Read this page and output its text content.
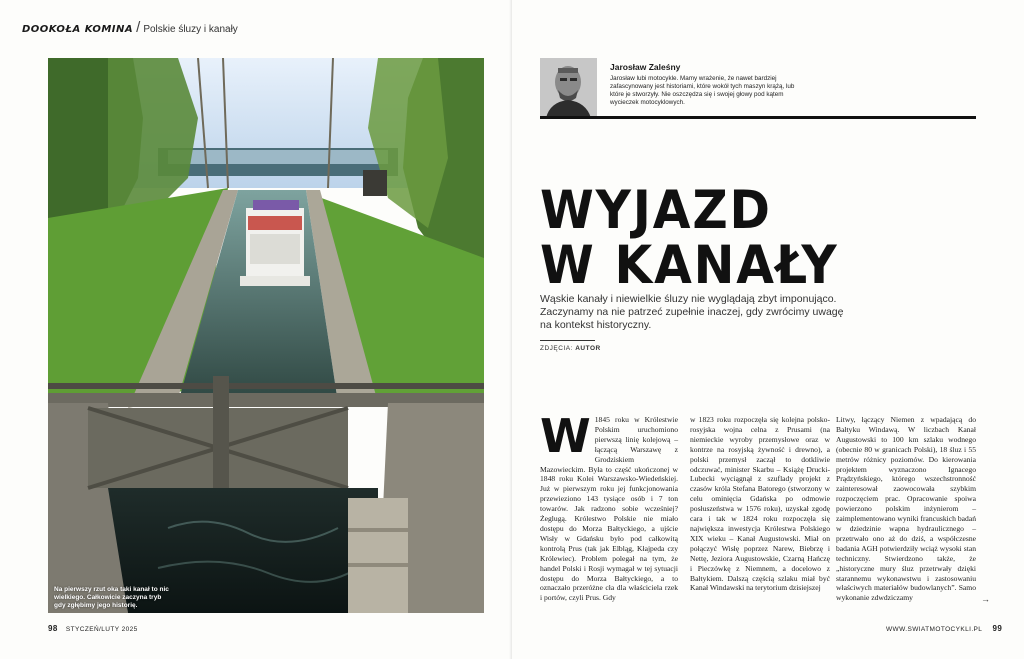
DOOKOŁA KOMINA / Polskie śluzy i kanały
Na pierwszy rzut oka taki kanał to nic wielkiego. Całkowicie zaczyna tryb gdy zgłębimy jego historię.
98 STYCZEŃ/LUTY 2025
Jarosław Zaleśny
Jarosław lubi motocykle. Mamy wrażenie, że nawet bardziej zafascynowany jest historiami, które wokół tych maszyn krążą, lub które je stworzyły. Nie oszczędza się i swojej głowy pod kątem wycieczek motocyklowych.
WYJAZD
W KANAŁY
Wąskie kanały i niewielkie śluzy nie wyglądają zbyt imponująco. Zaczynamy na nie patrzeć zupełnie inaczej, gdy zwrócimy uwagę na kontekst historyczny.
ZDJĘCIA: AUTOR
W 1845 roku w Królestwie Polskim uruchomiono pierwszą linię kolejową – łączącą Warszawę z Grodziskiem Mazowieckim. Była to część ukończonej w 1848 roku Kolei Warszawsko-Wiedeńskiej. Już w pierwszym roku jej funkcjonowania przewieziono 143 tysiące osób i 7 ton towarów. Jak radzono sobie wcześniej? Żeglugą. Królestwo Polskie nie miało dostępu do Morza Bałtyckiego, a ujście Wisły w Gdańsku było pod całkowitą kontrolą Prus (tak jak Elbląg, Kłajpeda czy Królewiec). Problem polegał na tym, że handel Polski i Rosji wymagał w tej sytuacji dostępu do Morza Bałtyckiego, a to oznaczało przeróżne cła dla właściciela rzek i portów, czyli Prus. Gdy
w 1823 roku rozpoczęła się kolejna polsko-rosyjska wojna celna z Prusami (na niemieckie wyroby przemysłowe oraz w kontrze na rosyjską żywność i drewno), a polski przemysł zaczął to dotkliwie odczuwać, minister Skarbu – Książę Drucki-Lubecki wyciągnął z szuflady projekt z czasów króla Stefana Batorego (stworzony w celu ominięcia Gdańska po odmowie posłuszeństwa w 1576 roku), uzyskał zgodę cara i tak w 1824 roku rozpoczęła się największa inwestycja Królestwa Polskiego XIX wieku – Kanał Augustowski. Miał on połączyć Wisłę poprzez Narew, Biebrzę i Nettę, Jeziora Augustowskie, Czarną Hańczę i Pieczówkę z Niemnem, a docelowo z Bałtykiem. Dalszą częścią szlaku miał być Kanał Windawski na terytorium dzisiejszej
Litwy, łączący Niemen z wpadającą do Bałtyku Windawą. W liczbach Kanał Augustowski to 100 km szlaku wodnego (obecnie 80 w granicach Polski), 18 śluz i 55 metrów różnicy poziomów. Do kierowania projektem wyznaczono Ignacego Prądzyńskiego, którego wszechstronność zainteresował zaowocowała szybkim rozpoczęciem prac. Opracowanie spoiwa powierzono polskim inżynierom – zaimplementowano wyniki francuskich badań w dziedzinie wapna hydraulicznego – przetrwało ono aż do dziś, a współczesne badania AGH potwierdziły wciąż wysoki stan techniczny. Stwierdzono także, że „historyczne mury śluz przetrwały dzięki starannemu wykonawstwu i zastosowaniu właściwych materiałów budowlanych”. Samo wykonanie zdwdziczamy	→
WWW.SWIATMOTOCYKLI.PL 99
